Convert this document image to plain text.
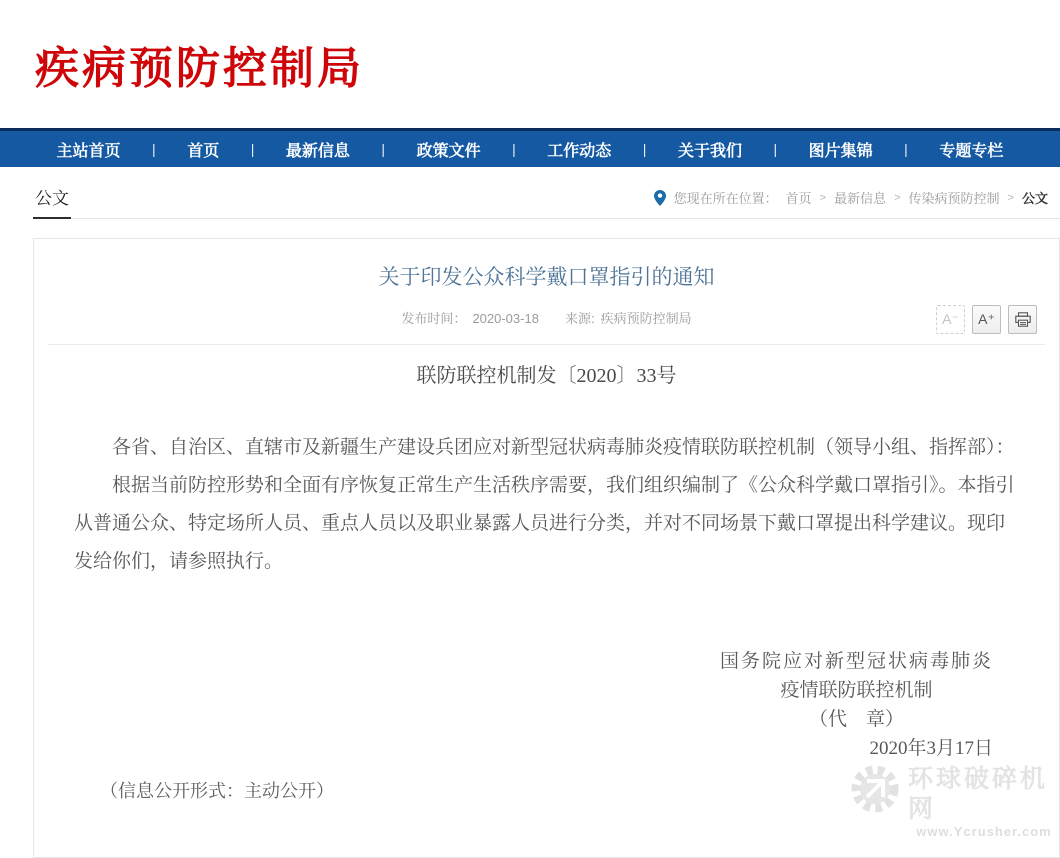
疾病预防控制局
主站首页 | 首页 | 最新信息 | 政策文件 | 工作动态 | 关于我们 | 图片集锦 | 专题专栏
公文	您现在所在位置： 首页 > 最新信息 > 传染病预防控制 > 公文
关于印发公众科学戴口罩指引的通知
发布时间： 2020-03-18 来源: 疾病预防控制局	A⁻	A⁺
联防联控机制发〔2020〕33号

各省、自治区、直辖市及新疆生产建设兵团应对新型冠状病毒肺炎疫情联防联控机制（领导小组、指挥部）：

根据当前防控形势和全面有序恢复正常生产生活秩序需要，我们组织编制了《公众科学戴口罩指引》。本指引从普通公众、特定场所人员、重点人员以及职业暴露人员进行分类，并对不同场景下戴口罩提出科学建议。现印发给你们，请参照执行。

国务院应对新型冠状病毒肺炎
疫情联防联控机制
（代　章）
2020年3月17日
（信息公开形式：主动公开）	环球破碎机网
www.Ycrusher.com
